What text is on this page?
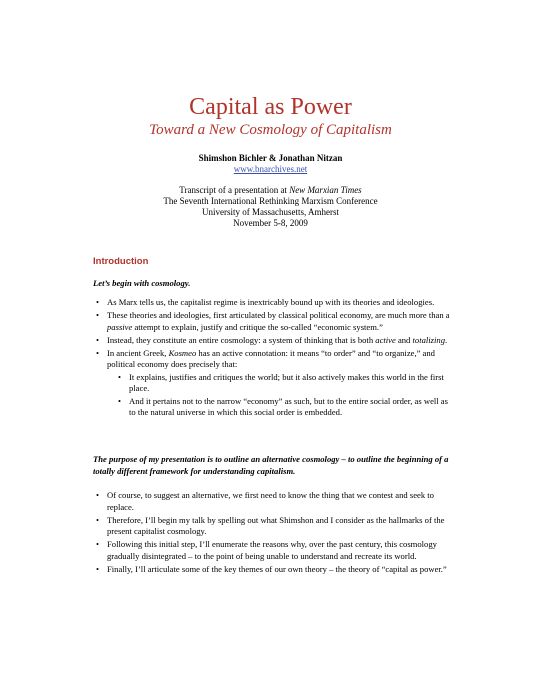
Capital as Power
Toward a New Cosmology of Capitalism
Shimshon Bichler & Jonathan Nitzan
www.bnarchives.net
Transcript of a presentation at New Marxian Times
The Seventh International Rethinking Marxism Conference
University of Massachusetts, Amherst
November 5-8, 2009
Introduction
Let’s begin with cosmology.
• As Marx tells us, the capitalist regime is inextricably bound up with its theories and ideologies.
• These theories and ideologies, first articulated by classical political economy, are much more than a passive attempt to explain, justify and critique the so-called “economic system.”
• Instead, they constitute an entire cosmology: a system of thinking that is both active and totalizing.
• In ancient Greek, Kosmeo has an active connotation: it means “to order” and “to organize,” and political economy does precisely that:
• It explains, justifies and critiques the world; but it also actively makes this world in the first place.
• And it pertains not to the narrow “economy” as such, but to the entire social order, as well as to the natural universe in which this social order is embedded.
The purpose of my presentation is to outline an alternative cosmology – to outline the beginning of a totally different framework for understanding capitalism.
• Of course, to suggest an alternative, we first need to know the thing that we contest and seek to replace.
• Therefore, I’ll begin my talk by spelling out what Shimshon and I consider as the hallmarks of the present capitalist cosmology.
• Following this initial step, I’ll enumerate the reasons why, over the past century, this cosmology gradually disintegrated – to the point of being unable to understand and recreate its world.
• Finally, I’ll articulate some of the key themes of our own theory – the theory of “capital as power.”
